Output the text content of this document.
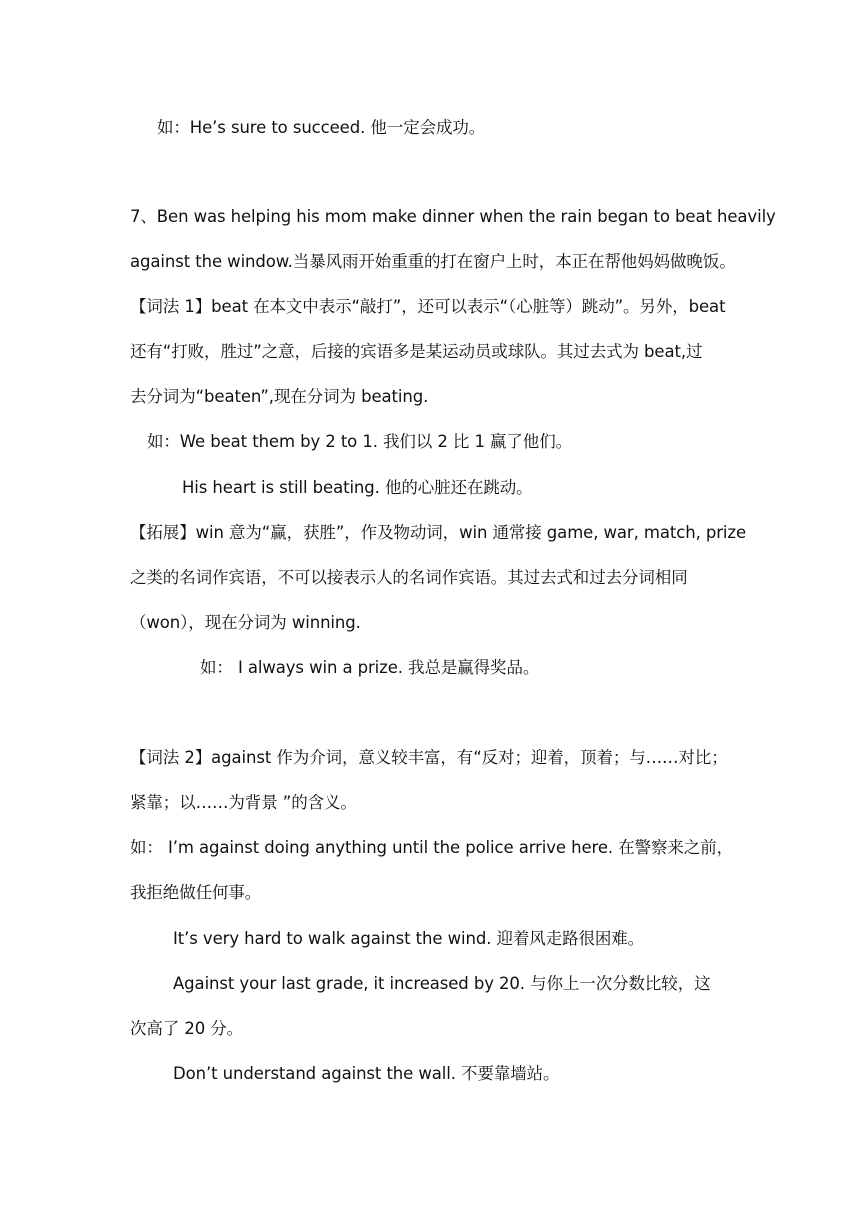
如：He’s sure to succeed. 他一定会成功。
7、Ben was helping his mom make dinner when the rain began to beat heavily
against the window.当暴风雨开始重重的打在窗户上时，本正在帮他妈妈做晚饭。
【词法 1】beat 在本文中表示“敲打”，还可以表示“（心脏等）跳动”。另外，beat
还有“打败，胜过”之意，后接的宾语多是某运动员或球队。其过去式为 beat,过
去分词为“beaten”,现在分词为 beating.
如：We beat them by 2 to 1. 我们以 2 比 1 赢了他们。
His heart is still beating. 他的心脏还在跳动。
【拓展】win 意为“赢，获胜”，作及物动词，win 通常接 game, war, match, prize
之类的名词作宾语，不可以接表示人的名词作宾语。其过去式和过去分词相同
（won），现在分词为 winning.
如： I always win a prize. 我总是赢得奖品。
【词法 2】against 作为介词，意义较丰富，有“反对；迎着，顶着；与……对比；
紧靠；以……为背景 ”的含义。
如： I’m against doing anything until the police arrive here. 在警察来之前，
我拒绝做任何事。
It’s very hard to walk against the wind. 迎着风走路很困难。
Against your last grade, it increased by 20. 与你上一次分数比较，这
次高了 20 分。
Don’t understand against the wall. 不要靠墙站。
